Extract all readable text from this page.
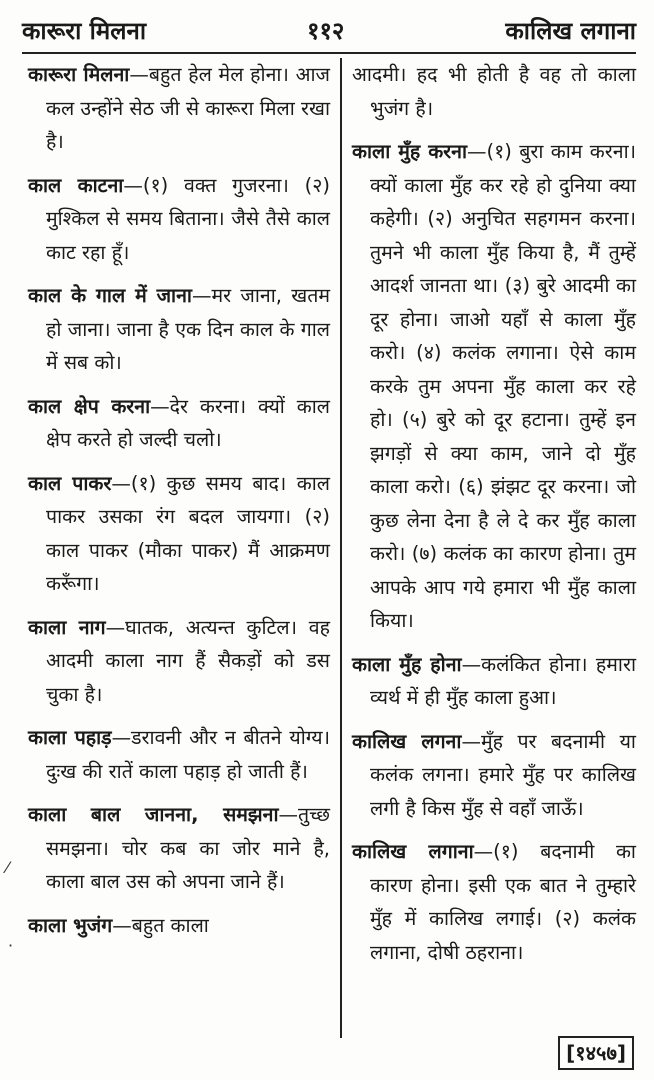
कारूरा मिलना	११२	कालिख लगाना

कारूरा मिलना—बहुत हेल मेल होना। आज कल उन्होंने सेठ जी से कारूरा मिला रखा है।

काल काटना—(१) वक्त गुजरना। (२) मुश्किल से समय बिताना। जैसे तैसे काल काट रहा हूँ।

काल के गाल में जाना—मर जाना, खतम हो जाना। जाना है एक दिन काल के गाल में सब को।

काल क्षेप करना—देर करना। क्यों काल क्षेप करते हो जल्दी चलो।

काल पाकर—(१) कुछ समय बाद। काल पाकर उसका रंग बदल जायगा। (२) काल पाकर (मौका पाकर) मैं आक्रमण करूँगा।

काला नाग—घातक, अत्यन्त कुटिल। वह आदमी काला नाग हैं सैकड़ों को डस चुका है।

काला पहाड़—डरावनी और न बीतने योग्य। दुःख की रातें काला पहाड़ हो जाती हैं।

काला बाल जानना, समझना—तुच्छ समझना। चोर कब का जोर माने है, काला बाल उस को अपना जाने हैं।

काला भुजंग—बहुत काला

आदमी। हद भी होती है वह तो काला भुजंग है।

काला मुँह करना—(१) बुरा काम करना। क्यों काला मुँह कर रहे हो दुनिया क्या कहेगी। (२) अनुचित सहगमन करना। तुमने भी काला मुँह किया है, मैं तुम्हें आदर्श जानता था। (३) बुरे आदमी का दूर होना। जाओ यहाँ से काला मुँह करो। (४) कलंक लगाना। ऐसे काम करके तुम अपना मुँह काला कर रहे हो। (५) बुरे को दूर हटाना। तुम्हें इन झगड़ों से क्या काम, जाने दो मुँह काला करो। (६) झंझट दूर करना। जो कुछ लेना देना है ले दे कर मुँह काला करो। (७) कलंक का कारण होना। तुम आपके आप गये हमारा भी मुँह काला किया।

काला मुँह होना—कलंकित होना। हमारा व्यर्थ में ही मुँह काला हुआ।

कालिख लगना—मुँह पर बदनामी या कलंक लगना। हमारे मुँह पर कालिख लगी है किस मुँह से वहाँ जाऊँ।

कालिख लगाना—(१) बदनामी का कारण होना। इसी एक बात ने तुम्हारे मुँह में कालिख लगाई। (२) कलंक लगाना, दोषी ठहराना।

[१४५७]
⁄
·
